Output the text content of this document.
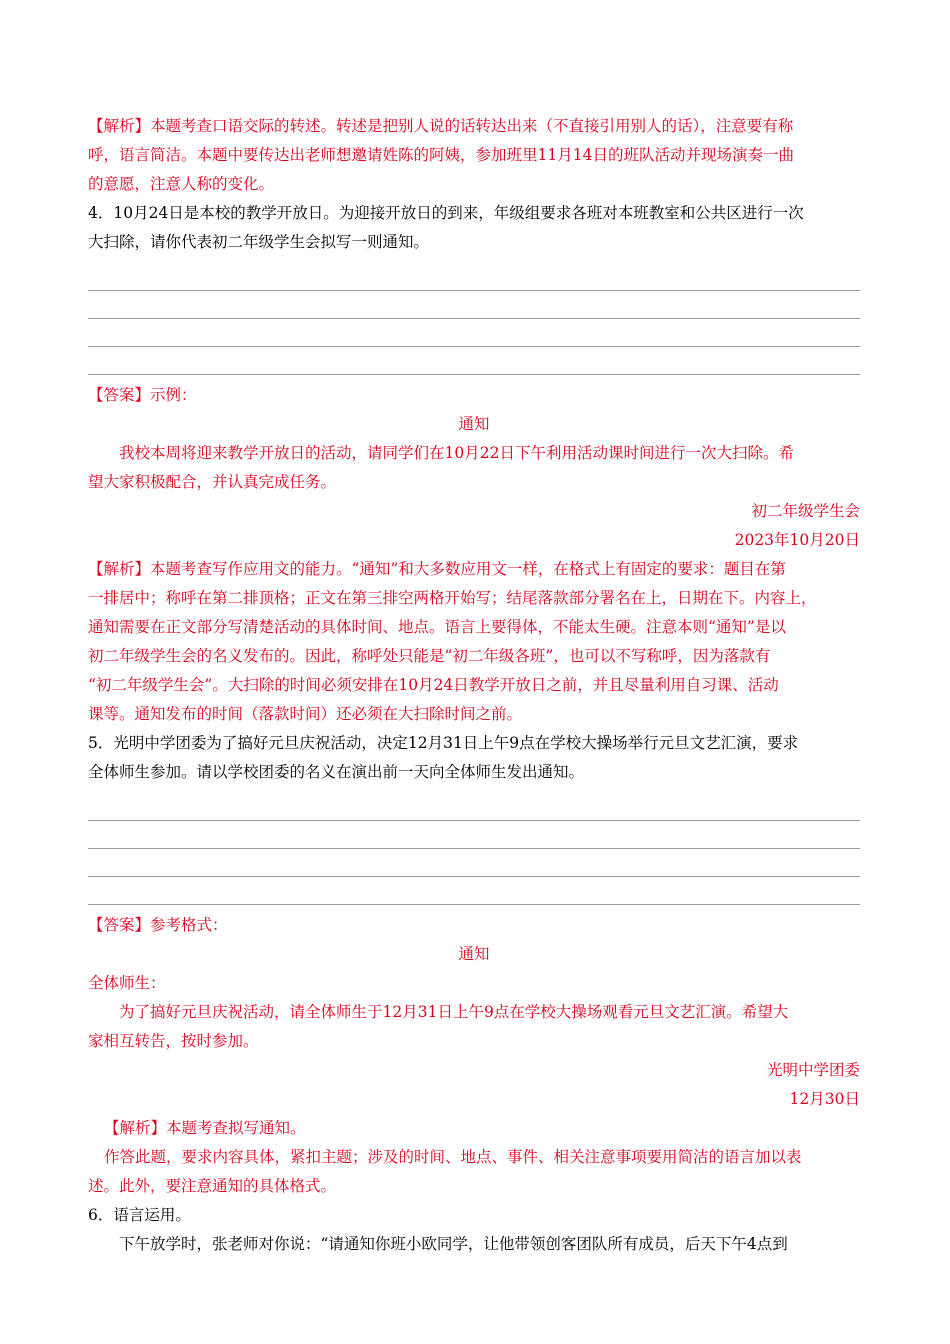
【解析】本题考查口语交际的转述。转述是把别人说的话转达出来（不直接引用别人的话），注意要有称

呼，语言简洁。本题中要传达出老师想邀请姓陈的阿姨，参加班里11月14日的班队活动并现场演奏一曲

的意愿，注意人称的变化。

4．10月24日是本校的教学开放日。为迎接开放日的到来，年级组要求各班对本班教室和公共区进行一次

大扫除，请你代表初二年级学生会拟写一则通知。

【答案】示例：

通知

我校本周将迎来教学开放日的活动，请同学们在10月22日下午利用活动课时间进行一次大扫除。希

望大家积极配合，并认真完成任务。

初二年级学生会

2023年10月20日

【解析】本题考查写作应用文的能力。“通知”和大多数应用文一样，在格式上有固定的要求：题目在第

一排居中；称呼在第二排顶格；正文在第三排空两格开始写；结尾落款部分署名在上，日期在下。内容上，

通知需要在正文部分写清楚活动的具体时间、地点。语言上要得体，不能太生硬。注意本则“通知”是以

初二年级学生会的名义发布的。因此，称呼处只能是“初二年级各班”，也可以不写称呼，因为落款有

“初二年级学生会”。大扫除的时间必须安排在10月24日教学开放日之前，并且尽量利用自习课、活动

课等。通知发布的时间（落款时间）还必须在大扫除时间之前。

5．光明中学团委为了搞好元旦庆祝活动，决定12月31日上午9点在学校大操场举行元旦文艺汇演，要求

全体师生参加。请以学校团委的名义在演出前一天向全体师生发出通知。

【答案】参考格式：

通知

全体师生：

为了搞好元旦庆祝活动，请全体师生于12月31日上午9点在学校大操场观看元旦文艺汇演。希望大

家相互转告，按时参加。

光明中学团委

12月30日

【解析】本题考查拟写通知。

作答此题，要求内容具体，紧扣主题；涉及的时间、地点、事件、相关注意事项要用简洁的语言加以表

述。此外，要注意通知的具体格式。

6．语言运用。

下午放学时，张老师对你说：“请通知你班小欧同学，让他带领创客团队所有成员，后天下午4点到
